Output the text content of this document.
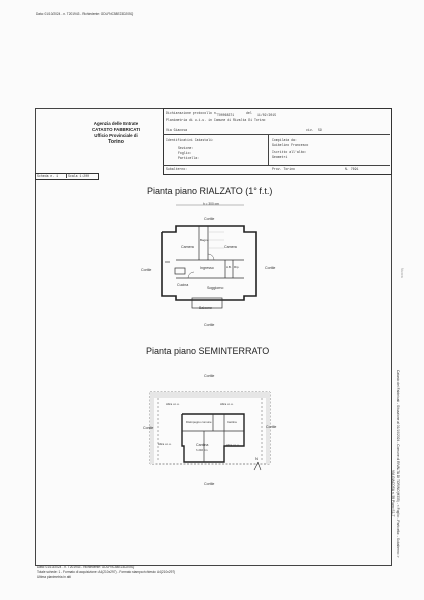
Data: 01/10/2024 - n. T201943 - Richiedente: GDLFNC58E23D205Q
Agenzia delle Entrate
CATASTO FABBRICATI
Ufficio Provinciale di
Torino
Dichiarazione protocollo n. TO0068371	del 11/02/2015
Planimetria di u.i.u. in Comune di Rivalta Di Torino
Via Giacosa	civ. 59
Identificativi Catastali:
Sezione:
Foglio:
Particella:
Subalterno:
Compilata da:
Guibelino Francesco
Iscritto all'albo:
Geometri
Prov. Torino	N. 7691
Scheda n. 1	Scala 1:200
Pianta piano RIALZATO (1° f.t.)
h = 300 cm
Pianta piano SEMINTERRATO
Cortile
Cortile	Cortile
Cortile
Camera
Bagno
Camera
Ingresso	A.B. Rip.
Cucina
Soggiorno
Balcone
Cortile
Cortile	Cortile
Cortile
Altra u.i.u.	Altra u.i.u.
Disimpegno comune	Cantina
Altra u.i.u.	Cantina
h 240 cm
Altra u.i.u.
N
Data: 01/10/2024 - n. T201943 - Richiedente: GDLFNC58E23D205Q
Totale schede: 1 - Formato di acquisizione: A4(210x297) - Formato stampa richiesto: A4(210x297)
Ultima planimetria in atti
Catasto dei Fabbricati - Situazione al 01/10/2024 - Comune di RIVALTA DI TORINO(H335) - < Foglio: - Particella: - Subalterno: >
VIA GIACOSA n. 59 Piano S1-T
Nuova
